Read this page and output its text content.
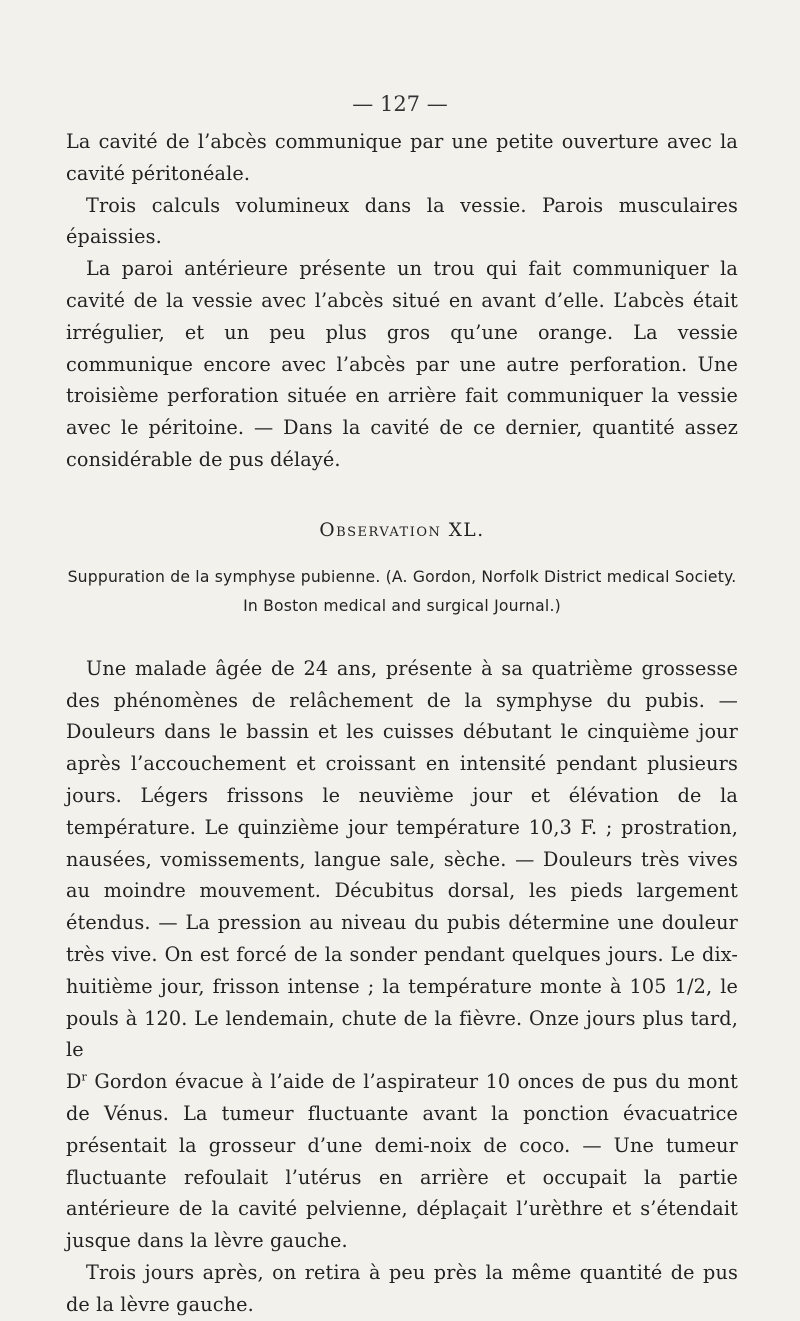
— 127 —

La cavité de l’abcès communique par une petite ouverture avec la cavité péritonéale.

Trois calculs volumineux dans la vessie. Parois musculaires épaissies.

La paroi antérieure présente un trou qui fait communiquer la cavité de la vessie avec l’abcès situé en avant d’elle. L’abcès était irrégulier, et un peu plus gros qu’une orange. La vessie communique encore avec l’abcès par une autre perforation. Une troisième perforation située en arrière fait communiquer la vessie avec le péritoine. — Dans la cavité de ce dernier, quantité assez considérable de pus délayé.

Observation XL.

Suppuration de la symphyse pubienne. (A. Gordon, Norfolk District medical Society. In Boston medical and surgical Journal.)

Une malade âgée de 24 ans, présente à sa quatrième grossesse des phénomènes de relâchement de la symphyse du pubis. — Douleurs dans le bassin et les cuisses débutant le cinquième jour après l’accouchement et croissant en intensité pendant plusieurs jours. Légers frissons le neuvième jour et élévation de la température. Le quinzième jour température 10,3 F. ; prostration, nausées, vomissements, langue sale, sèche. — Douleurs très vives au moindre mouvement. Décubitus dorsal, les pieds largement étendus. — La pression au niveau du pubis détermine une douleur très vive. On est forcé de la sonder pendant quelques jours. Le dix-huitième jour, frisson intense ; la température monte à 105 1/2, le pouls à 120. Le lendemain, chute de la fièvre. Onze jours plus tard, le

$D^r$ Gordon évacue à l’aide de l’aspirateur 10 onces de pus du mont de Vénus. La tumeur fluctuante avant la ponction évacuatrice présentait la grosseur d’une demi-noix de coco. — Une tumeur fluctuante refoulait l’utérus en arrière et occupait la partie antérieure de la cavité pelvienne, déplaçait l’urèthre et s’étendait jusque dans la lèvre gauche.

Trois jours après, on retira à peu près la même quantité de pus de la lèvre gauche.
